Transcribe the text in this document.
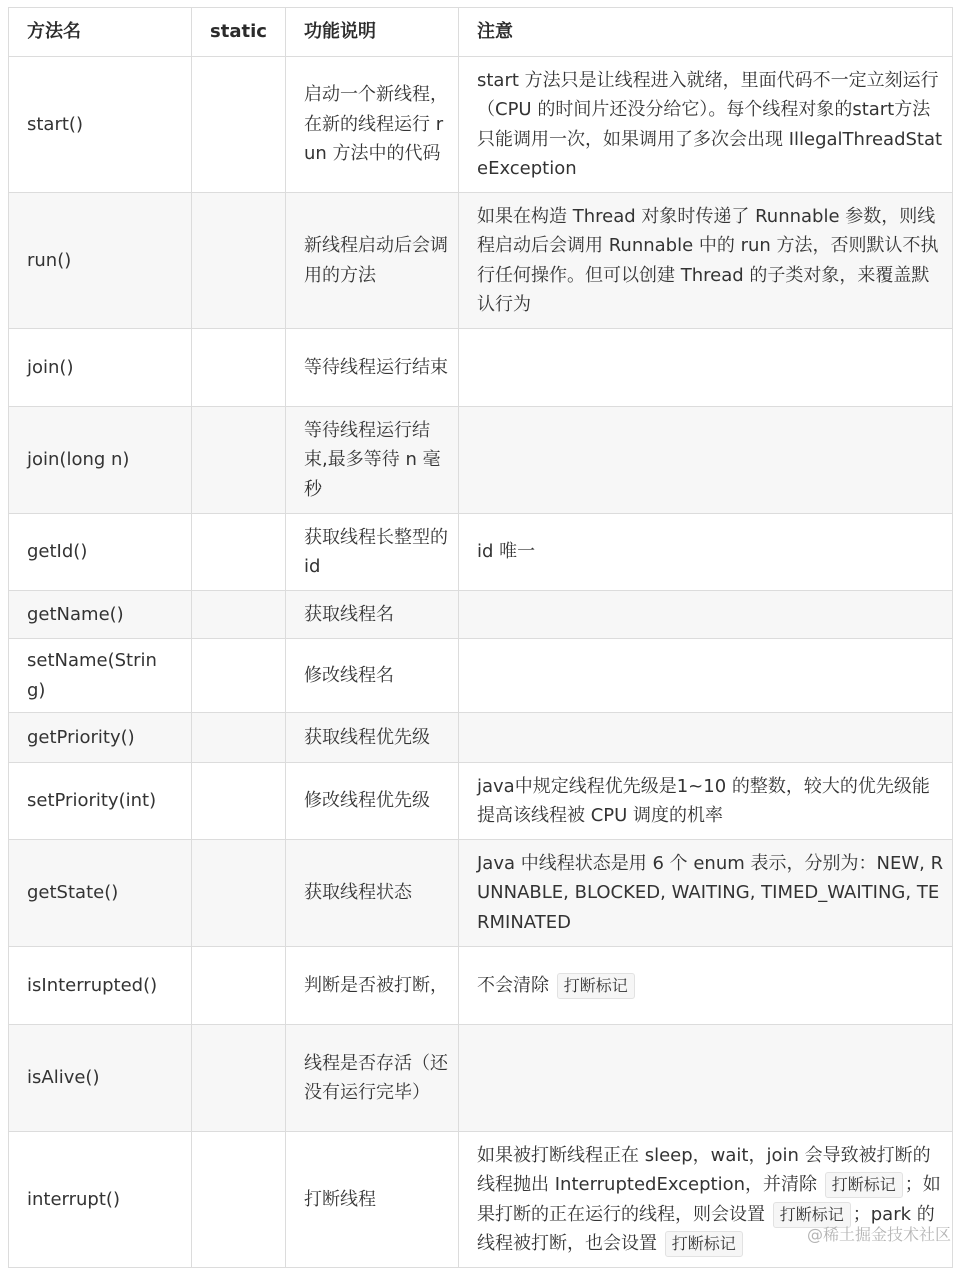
方法名	static	功能说明	注意
start()		启动一个新线程，在新的线程运行 run 方法中的代码	start 方法只是让线程进入就绪，里面代码不一定立刻运行（CPU 的时间片还没分给它）。每个线程对象的start方法只能调用一次，如果调用了多次会出现 IllegalThreadStateException

run()		新线程启动后会调用的方法	如果在构造 Thread 对象时传递了 Runnable 参数，则线程启动后会调用 Runnable 中的 run 方法，否则默认不执行任何操作。但可以创建 Thread 的子类对象，来覆盖默认行为

join()		等待线程运行结束	
join(long n)		等待线程运行结束,最多等待 n 毫秒	
getId()		获取线程长整型的 id	id 唯一

getName()		获取线程名	
setName(String)		修改线程名	
getPriority()		获取线程优先级	
setPriority(int)		修改线程优先级	java中规定线程优先级是1~10 的整数，较大的优先级能提高该线程被 CPU 调度的机率

getState()		获取线程状态	Java 中线程状态是用 6 个 enum 表示，分别为：NEW, RUNNABLE, BLOCKED, WAITING, TIMED_WAITING, TERMINATED

isInterrupted()		判断是否被打断，	不会清除 打断标记

isAlive()		线程是否存活（还没有运行完毕）	
interrupt()		打断线程	如果被打断线程正在 sleep，wait，join 会导致被打断的线程抛出 InterruptedException，并清除 打断标记 ；如果打断的正在运行的线程，则会设置 打断标记 ；park 的线程被打断，也会设置 打断标记	@稀土掘金技术社区
